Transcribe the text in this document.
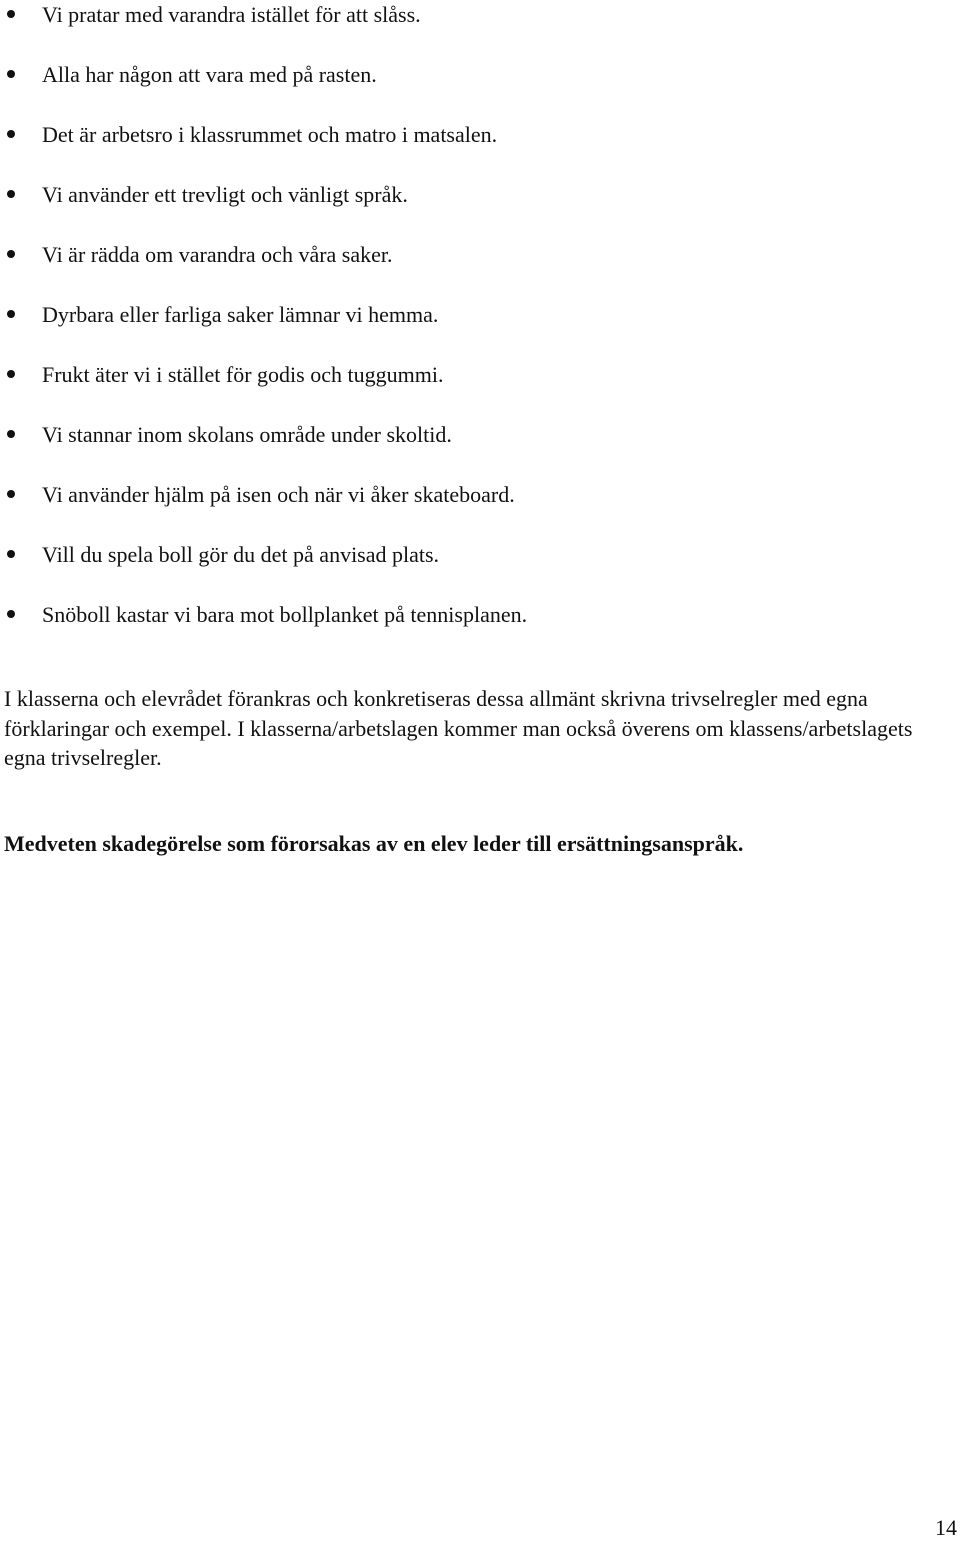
Vi pratar med varandra istället för att slåss.
Alla har någon att vara med på rasten.
Det är arbetsro i klassrummet och matro i matsalen.
Vi använder ett trevligt och vänligt språk.
Vi är rädda om varandra och våra saker.
Dyrbara eller farliga saker lämnar vi hemma.
Frukt äter vi i stället för godis och tuggummi.
Vi stannar inom skolans område under skoltid.
Vi använder hjälm på isen och när vi åker skateboard.
Vill du spela boll gör du det på anvisad plats.
Snöboll kastar vi bara mot bollplanket på tennisplanen.

I klasserna och elevrådet förankras och konkretiseras dessa allmänt skrivna trivselregler med egna förklaringar och exempel. I klasserna/arbetslagen kommer man också överens om klassens/arbetslagets egna trivselregler.

Medveten skadegörelse som förorsakas av en elev leder till ersättningsanspråk.

14
